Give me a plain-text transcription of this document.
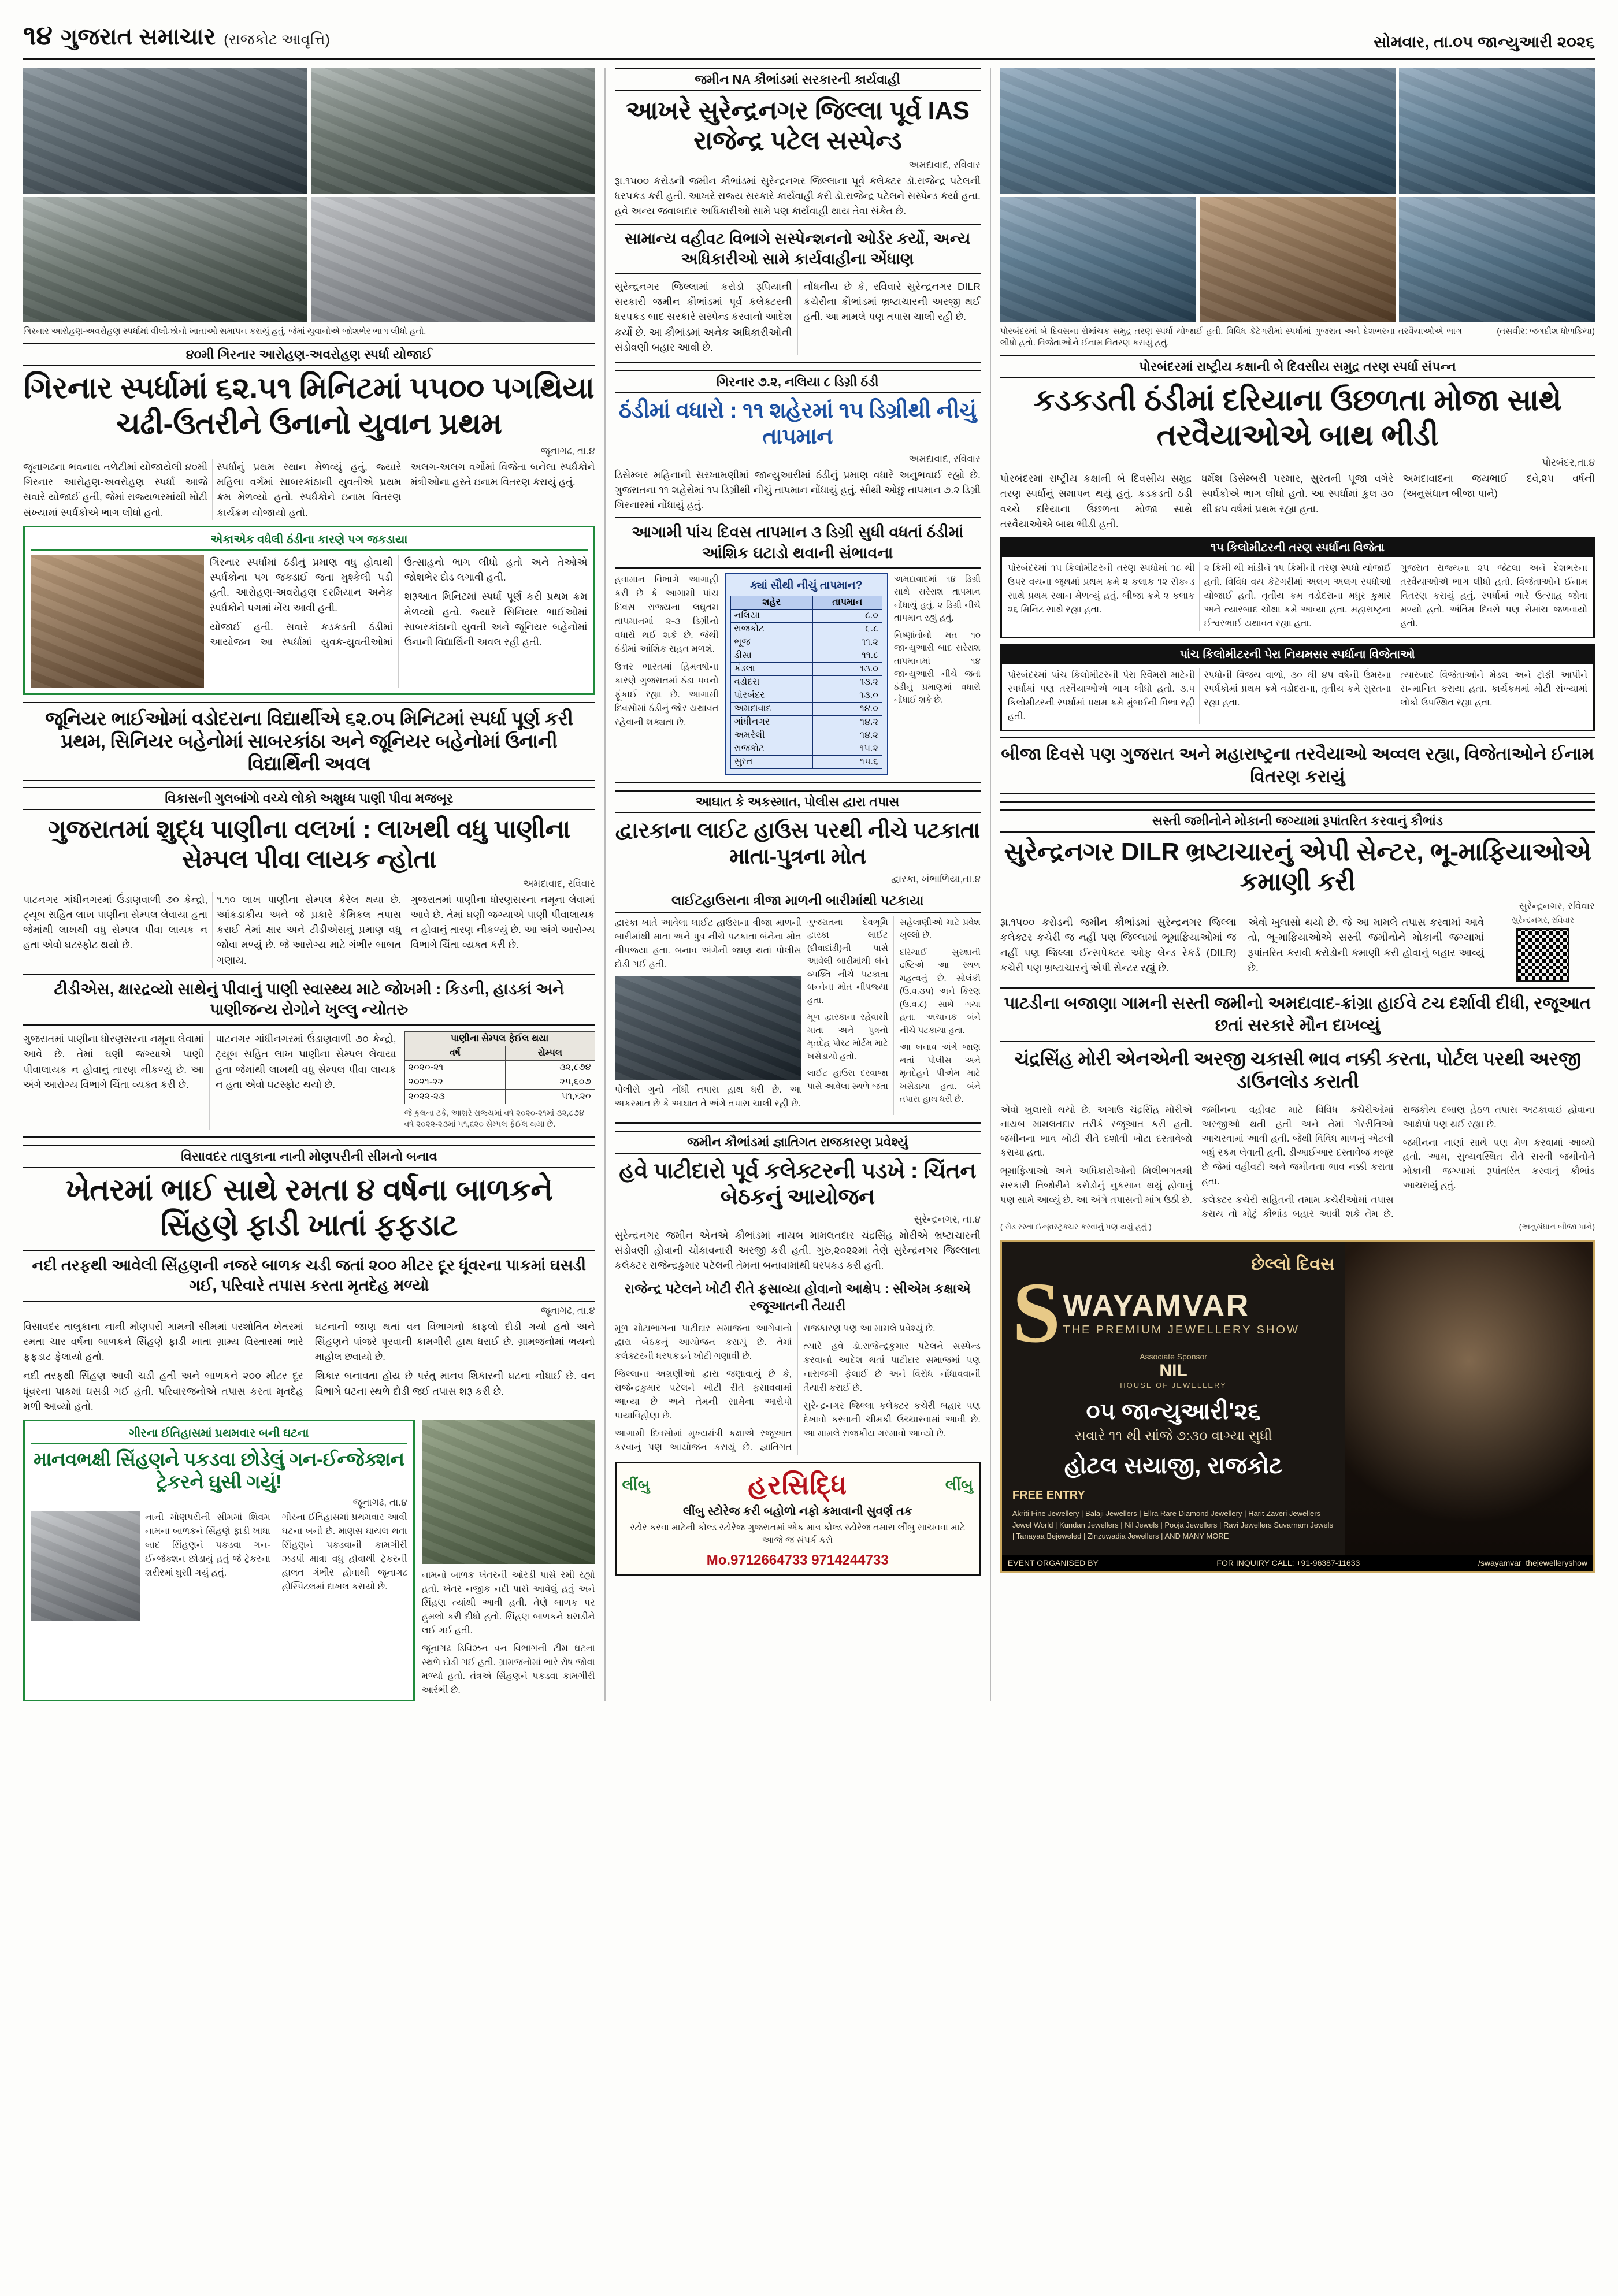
૧૪ ગુજરાત સમાચાર (રાજકોટ આવૃત્તિ)	સોમવાર, તા.૦૫ જાન્યુઆરી ૨૦૨૬
ગિરનાર આરોહણ-અવરોહણ સ્પર્ધામાં વીલીઝોનો ખાતાઓ સમાપન કરાયું હતું, જેમાં યુવાનોએ જોશભેર ભાગ લીધો હતો.
૪૦મી ગિરનાર આરોહણ-અવરોહણ સ્પર્ધા યોજાઈ
ગિરનાર સ્પર્ધામાં ૬૨.૫૧ મિનિટમાં ૫૫૦૦ પગથિયા ચઢી-ઉતરીને ઉનાનો યુવાન પ્રથમ
જૂનાગઢ, તા.૪

જૂનાગઢના ભવનાથ તળેટીમાં યોજાયેલી ૪૦મી ગિરનાર આરોહણ-અવરોહણ સ્પર્ધા આજે સવારે યોજાઈ હતી, જેમાં રાજ્યભરમાંથી મોટી સંખ્યામાં સ્પર્ધકોએ ભાગ લીધો હતો.

સ્પર્ધાનું પ્રથમ સ્થાન મેળવ્યું હતું, જ્યારે મહિલા વર્ગમાં સાબરકાંઠાની યુવતીએ પ્રથમ ક્રમ મેળવ્યો હતો. સ્પર્ધકોને ઇનામ વિતરણ કાર્યક્રમ યોજાયો હતો.

અલગ-અલગ વર્ગોમાં વિજેતા બનેલા સ્પર્ધકોને મંત્રીઓના હસ્તે ઇનામ વિતરણ કરાયું હતું.

એકાએક વધેલી ઠંડીના કારણે પગ જકડાયા

ગિરનાર સ્પર્ધામાં ઠંડીનું પ્રમાણ વધુ હોવાથી સ્પર્ધકોના પગ જકડાઈ જતા મુશ્કેલી પડી હતી. આરોહણ-અવરોહણ દરમિયાન અનેક સ્પર્ધકોને પગમાં ખેંચ આવી હતી.

યોજાઈ હતી. સવારે કડકડતી ઠંડીમાં આયોજન આ સ્પર્ધામાં યુવક-યુવતીઓમાં ઉત્સાહનો ભાગ લીધો હતો અને તેઓએ જોશભેર દોડ લગાવી હતી.

શરૂઆત મિનિટમાં સ્પર્ધા પૂર્ણ કરી પ્રથમ ક્રમ મેળવ્યો હતો. જ્યારે સિનિયર ભાઈઓમાં સાબરકાંઠાની યુવતી અને જૂનિયર બહેનોમાં ઉનાની વિદ્યાર્થિની અવલ રહી હતી.

જૂનિયર ભાઈઓમાં વડોદરાના વિદ્યાર્થીએ ૬૨.૦૫ મિનિટમાં સ્પર્ધા પૂર્ણ કરી પ્રથમ, સિનિયર બહેનોમાં સાબરકાંઠા અને જૂનિયર બહેનોમાં ઉનાની વિદ્યાર્થિની અવલ
વિકાસની ગુલબાંગો વચ્ચે લોકો અશુધ્ધ પાણી પીવા મજબૂર
ગુજરાતમાં શુદ્ધ પાણીના વલખાં : લાખથી વધુ પાણીના સેમ્પલ પીવા લાયક ન્હોતા
અમદાવાદ, રવિવાર

પાટનગર ગાંધીનગરમાં ઉંડાણવાળી ૭૦ કેન્દ્રો, ટ્યૂબ સહિત લાખ પાણીના સેમ્પલ લેવાયા હતા જેમાંથી લાખથી વધુ સેમ્પલ પીવા લાયક ન હતા એવો ઘટસ્ફોટ થયો છે.

૧.૧૦ લાખ પાણીના સેમ્પલ કેરેલ થયા છે. આંકડાકીય અને જે પ્રકારે કેમિકલ તપાસ કરાઈ તેમાં ક્ષાર અને ટીડીએસનું પ્રમાણ વધુ જોવા મળ્યું છે. જે આરોગ્ય માટે ગંભીર બાબત ગણાય.

ગુજરાતમાં પાણીના ધોરણસરના નમૂના લેવામાં આવે છે. તેમાં ઘણી જગ્યાએ પાણી પીવાલાયક ન હોવાનું તારણ નીકળ્યું છે. આ અંગે આરોગ્ય વિભાગે ચિંતા વ્યક્ત કરી છે.

ટીડીએસ, ક્ષારદ્રવ્યો સાથેનું પીવાનું પાણી સ્વાસ્થ્ય માટે જોખમી : કિડની, હાડકાં અને પાણીજન્ય રોગોને ખુલ્લુ ન્યોતરુ

ગુજરાતમાં પાણીના ધોરણસરના નમૂના લેવામાં આવે છે. તેમાં ઘણી જગ્યાએ પાણી પીવાલાયક ન હોવાનું તારણ નીકળ્યું છે. આ અંગે આરોગ્ય વિભાગે ચિંતા વ્યક્ત કરી છે.

પાટનગર ગાંધીનગરમાં ઉંડાણવાળી ૭૦ કેન્દ્રો, ટ્યૂબ સહિત લાખ પાણીના સેમ્પલ લેવાયા હતા જેમાંથી લાખથી વધુ સેમ્પલ પીવા લાયક ન હતા એવો ઘટસ્ફોટ થયો છે.

પાણીના સેમ્પલ ફેઈલ થયા	
વર્ષ	સેમ્પલ
૨૦૨૦-૨૧	૩૨,૮૭૪
૨૦૨૧-૨૨	૨૫,૬૦૭
૨૦૨૨-૨૩	૫૧,૬૨૦
જે કુલના ટકે, આશરે રાજ્યમાં વર્ષ ૨૦૨૦-૨૧માં ૩૨,૮૭૪ વર્ષ ૨૦૨૨-૨૩માં ૫૧,૬૨૦ સેમ્પલ ફેઈલ થયા છે.
વિસાવદર તાલુકાના નાની મોણપરીની સીમનો બનાવ
ખેતરમાં ભાઈ સાથે રમતા ૪ વર્ષના બાળકને સિંહણે ફાડી ખાતાં ફફડાટ
નદી તરફથી આવેલી સિંહણની નજરે બાળક ચડી જતાં ૨૦૦ મીટર દૂર ધૂંવરના પાકમાં ઘસડી ગઈ, પરિવારે તપાસ કરતા મૃતદેહ મળ્યો
જૂનાગઢ, તા.૪

વિસાવદર તાલુકાના નાની મોણપરી ગામની સીમમાં પરશોતિત ખેતરમાં રમતા ચાર વર્ષના બાળકને સિંહણે ફાડી ખાતા ગ્રામ્ય વિસ્તારમાં ભારે ફફડાટ ફેલાયો હતો.

નદી તરફથી સિંહણ આવી ચડી હતી અને બાળકને ૨૦૦ મીટર દૂર ધૂંવરના પાકમાં ઘસડી ગઈ હતી. પરિવારજનોએ તપાસ કરતા મૃતદેહ મળી આવ્યો હતો.

ઘટનાની જાણ થતાં વન વિભાગનો કાફલો દોડી ગયો હતો અને સિંહણને પાંજરે પૂરવાની કામગીરી હાથ ધરાઈ છે. ગ્રામજનોમાં ભયનો માહોલ છવાયો છે.

શિકાર બનાવતા હોય છે પરંતુ માનવ શિકારની ઘટના નોંધાઈ છે. વન વિભાગે ઘટના સ્થળે દોડી જઈ તપાસ શરૂ કરી છે.

ગીરના ઈતિહાસમાં પ્રથમવાર બની ઘટના
માનવભક્ષી સિંહણને પકડવા છોડેલું ગન-ઈન્જેક્શન ટ્રેકરને ઘુસી ગયું!
જૂનાગઢ, તા.૪

નાની મોણપરીની સીમમાં શિવમ નામના બાળકને સિંહણે ફાડી ખાધા બાદ સિંહણને પકડવા ગન-ઈન્જેક્શન છોડાયું હતું જે ટ્રેકરના શરીરમાં ઘુસી ગયું હતું.

ગીરના ઈતિહાસમાં પ્રથમવાર આવી ઘટના બની છે. માણસ ઘાયલ થતા સિંહણને પકડવાની કામગીરી ઝડપી માત્રા વધુ હોવાથી ટ્રેકરની હાલત ગંભીર હોવાથી જૂનાગઢ હોસ્પિટલમાં દાખલ કરાયો છે.

નામનો બાળક ખેતરની ઓરડી પાસે રમી રહ્યો હતો. ખેતર નજીક નદી પાસે આવેલું હતું અને સિંહણ ત્યાંથી આવી હતી. તેણે બાળક પર હુમલો કરી દીધો હતો. સિંહણ બાળકને ઘસડીને લઈ ગઈ હતી.

જૂનાગઢ ડિવિઝન વન વિભાગની ટીમ ઘટના સ્થળે દોડી ગઈ હતી. ગ્રામજનોમાં ભારે રોષ જોવા મળ્યો હતો. તંત્રએ સિંહણને પકડવા કામગીરી આરંભી છે.

જમીન NA કૌભાંડમાં સરકારની કાર્યવાહી
આખરે સુરેન્દ્રનગર જિલ્લા પૂર્વ IAS રાજેન્દ્ર પટેલ સસ્પેન્ડ
અમદાવાદ, રવિવાર

રૂા.૧૫૦૦ કરોડની જમીન કૌભાંડમાં સુરેન્દ્રનગર જિલ્લાના પૂર્વ કલેક્ટર ડૉ.રાજેન્દ્ર પટેલની ધરપકડ કરી હતી. આખરે રાજ્ય સરકારે કાર્યવાહી કરી ડૉ.રાજેન્દ્ર પટેલને સસ્પેન્ડ કર્યા હતા. હવે અન્ય જવાબદાર અધિકારીઓ સામે પણ કાર્યવાહી થાય તેવા સંકેત છે.

સામાન્ય વહીવટ વિભાગે સસ્પેન્શનનો ઓર્ડર કર્યો, અન્ય અધિકારીઓ સામે કાર્યવાહીના એંધાણ

સુરેન્દ્રનગર જિલ્લામાં કરોડો રૂપિયાની સરકારી જમીન કૌભાંડમાં પૂર્વ કલેક્ટરની ધરપકડ બાદ સરકારે સસ્પેન્ડ કરવાનો આદેશ કર્યો છે. આ કૌભાંડમાં અનેક અધિકારીઓની સંડોવણી બહાર આવી છે.

નોંધનીય છે કે, રવિવારે સુરેન્દ્રનગર DILR કચેરીના કૌભાંડમાં ભ્રષ્ટાચારની અરજી થઈ હતી. આ મામલે પણ તપાસ ચાલી રહી છે.

ગિરનાર ૭.૨, નલિયા ૮ ડિગ્રી ઠંડી
ઠંડીમાં વધારો : ૧૧ શહેરમાં ૧૫ ડિગ્રીથી નીચું તાપમાન
અમદાવાદ, રવિવાર

ડિસેમ્બર મહિનાની સરખામણીમાં જાન્યુઆરીમાં ઠંડીનું પ્રમાણ વધારે અનુભવાઈ રહ્યો છે. ગુજરાતના ૧૧ શહેરોમાં ૧૫ ડિગ્રીથી નીચું તાપમાન નોંધાયું હતું. સૌથી ઓછુ તાપમાન ૭.૨ ડિગ્રી ગિરનારમાં નોંધાયું હતું.

આગામી પાંચ દિવસ તાપમાન ૩ ડિગ્રી સુધી વધતાં ઠંડીમાં આંશિક ઘટાડો થવાની સંભાવના

હવામાન વિભાગે આગાહી કરી છે કે આગામી પાંચ દિવસ રાજ્યના લઘુતમ તાપમાનમાં ૨-૩ ડિગ્રીનો વધારો થઈ શકે છે. જેથી ઠંડીમાં આંશિક રાહત મળશે.

ઉત્તર ભારતમાં હિમવર્ષાના કારણે ગુજરાતમાં ઠંડા પવનો ફૂંકાઈ રહ્યા છે. આગામી દિવસોમાં ઠંડીનું જોર યથાવત રહેવાની શક્યતા છે.

ક્યાં સૌથી નીચું તાપમાન?
શહેર	તાપમાન
નલિયા	૮.૦
રાજકોટ	૯.૮
ભૂજ	૧૧.૨
ડીસા	૧૧.૮
કંડલા	૧૩.૦
વડોદરા	૧૩.૨
પોરબંદર	૧૩.૦
અમદાવાદ	૧૪.૦
ગાંધીનગર	૧૪.૨
અમરેલી	૧૪.૨
રાજકોટ	૧૫.૨
સુરત	૧૫.૬

અમદાવાદમાં ૧૪ ડિગ્રી સાથે સરેરાશ તાપમાન નોંધાયું હતું. ૨ ડિગ્રી નીચે તાપમાન રહ્યું હતું.

નિષ્ણાંતોનો મત ૧૦ જાન્યુઆરી બાદ સરેરાશ તાપમાનમાં ૧૪ જાન્યુઆરી નીચે જતાં ઠંડીનું પ્રમાણમાં વધારો નોંધાઈ શકે છે.

આઘાત કે અકસ્માત, પોલીસ દ્વારા તપાસ
દ્વારકાના લાઈટ હાઉસ પરથી નીચે પટકાતા માતા-પુત્રના મોત
દ્વારકા, ખંભાળિયા,તા.૪
લાઈટહાઉસના ત્રીજા માળની બારીમાંથી પટકાયા

દ્વારકા ખાતે આવેલા લાઈટ હાઉસના ત્રીજા માળની બારીમાંથી માતા અને પુત્ર નીચે પટકાતા બંનેના મોત નીપજ્યા હતા. બનાવ અંગેની જાણ થતાં પોલીસ દોડી ગઈ હતી.

પોલીસે ગુનો નોંધી તપાસ હાથ ધરી છે. આ અકસ્માત છે કે આઘાત તે અંગે તપાસ ચાલી રહી છે.

ગુજરાતના દેવભૂમિ દ્વારકા લાઈટ (દીવાદાંડી)ની પાસે આવેલી બારીમાંથી બંને વ્યક્તિ નીચે પટકાતા બન્નેના મોત નીપજ્યા હતા.

મૂળ દ્વારકાના રહેવાસી માતા અને પુત્રનો મૃતદેહ પોસ્ટ મોર્ટમ માટે ખસેડાયો હતો.

લાઈટ હાઉસ દરવાજા પાસે આવેલા સ્થળે જતા સહેલાણીઓ માટે પ્રવેશ ખુલ્લો છે.

દરિયાઈ સુરક્ષાની દ્રષ્ટિએ આ સ્થળ મહત્વનું છે. સોલંકી (ઉ.વ.૩૫) અને કિરણ (ઉ.વ.૮) સાથે ગયા હતા. અચાનક બંને નીચે પટકાયા હતા.

આ બનાવ અંગે જાણ થતાં પોલીસ અને મૃતદેહને પીએમ માટે ખસેડાયા હતા. બંને તપાસ હાથ ધરી છે.

જમીન કૌભાંડમાં જ્ઞાતિગત રાજકારણ પ્રવેશ્યું
હવે પાટીદારો પૂર્વ કલેક્ટરની પડખે : ચિંતન બેઠકનું આયોજન
સુરેન્દ્રનગર, તા.૪

સુરેન્દ્રનગર જમીન એનએ કૌભાંડમાં નાયબ મામલતદાર ચંદ્રસિંહ મોરીએ ભ્રષ્ટાચારની સંડોવણી હોવાની ચોંકાવનારી અરજી કરી હતી. ગુરુ,૨૦૨૨માં તેણે સુરેન્દ્રનગર જિલ્લાના કલેક્ટર રાજેન્દ્રકુમાર પટેલની તેમના બનાવામાંથી ધરપકડ કરી હતી.

રાજેન્દ્ર પટેલને ખોટી રીતે ફસાવ્યા હોવાનો આક્ષેપ : સીએમ કક્ષાએ રજૂઆતની તૈયારી

મૂળ મોટાભાગના પાટીદાર સમાજના આગેવાનો દ્વારા બેઠકનું આયોજન કરાયું છે. તેમાં કલેક્ટરની ધરપકડને ખોટી ગણાવી છે.

જિલ્લાના અગ્રણીઓ દ્વારા જણાવાયું છે કે, રાજેન્દ્રકુમાર પટેલને ખોટી રીતે ફસાવવામાં આવ્યા છે અને તેમની સામેના આરોપો પાયાવિહોણા છે.

આગામી દિવસોમાં મુખ્યમંત્રી કક્ષાએ રજૂઆત કરવાનું પણ આયોજન કરાયું છે. જ્ઞાતિગત રાજકારણ પણ આ મામલે પ્રવેશ્યું છે.

ત્યારે હવે ડૉ.રાજેન્દ્રકુમાર પટેલને સસ્પેન્ડ કરવાનો આદેશ થતાં પાટીદાર સમાજમાં પણ નારાજગી ફેલાઈ છે અને વિરોધ નોંધાવવાની તૈયારી કરાઈ છે.

સુરેન્દ્રનગર જિલ્લા કલેક્ટર કચેરી બહાર પણ દેખાવો કરવાની ચીમકી ઉચ્ચારવામાં આવી છે. આ મામલે રાજકીય ગરમાવો આવ્યો છે.

લીંબુ	હરસિદ્ધિ	લીંબુ
લીંબુ સ્ટોરેજ કરી બહોળો નફો કમાવાની સુવર્ણ તક
સ્ટોર કરવા માટેની કોલ્ડ સ્ટોરેજ ગુજરાતમાં એક માત્ર કોલ્ડ સ્ટોરેજ તમારા લીંબુ સાચવવા માટે આજે જ સંપર્ક કરો
Mo.9712664733 9714244733
પોરબંદરમાં બે દિવસના રોમાંચક સમુદ્ર તરણ સ્પર્ધા યોજાઈ હતી. વિવિધ કેટેગરીમાં સ્પર્ધામાં ગુજરાત અને દેશભરના તરવૈયાઓએ ભાગ લીધો હતો. વિજેતાઓને ઈનામ વિતરણ કરાયું હતું.
(તસવીર: જગદીશ ધોળકિયા)
પોરબંદરમાં રાષ્ટ્રીય કક્ષાની બે દિવસીય સમુદ્ર તરણ સ્પર્ધા સંપન્ન
કડકડતી ઠંડીમાં દરિયાના ઉછળતા મોજા સાથે તરવૈયાઓએ બાથ ભીડી
પોરબંદર,તા.૪

પોરબંદરમાં રાષ્ટ્રીય કક્ષાની બે દિવસીય સમુદ્ર તરણ સ્પર્ધાનું સમાપન થયું હતું. કડકડતી ઠંડી વચ્ચે દરિયાના ઉછળતા મોજા સાથે તરવૈયાઓએ બાથ ભીડી હતી.

ધર્મેશ ડિસેમ્બરી પરમાર, સુરતની પૂજા વગેરે સ્પર્ધકોએ ભાગ લીધો હતો. આ સ્પર્ધામાં કુલ ૩૦ થી ૪૫ વર્ષમાં પ્રથમ રહ્યા હતા.

અમદાવાદના જયભાઈ દવે,૨૫ વર્ષની (અનુસંધાન બીજા પાને)

૧૫ કિલોમીટરની તરણ સ્પર્ધાના વિજેતા

પોરબંદરમાં ૧૫ કિલોમીટરની તરણ સ્પર્ધામાં ૧૮ થી ઉપર વયના જૂથમાં પ્રથમ ક્રમે ૨ કલાક ૧૨ સેકન્ડ સાથે પ્રથમ સ્થાન મેળવ્યું હતું. બીજા ક્રમે ૨ કલાક ૨૬ મિનિટ સાથે રહ્યા હતા.

૨ કિમી થી માંડીને ૧૫ કિમીની તરણ સ્પર્ધા યોજાઈ હતી. વિવિધ વય કેટેગરીમાં અલગ અલગ સ્પર્ધાઓ યોજાઈ હતી. તૃતીય ક્રમ વડોદરાના મધુર કુમાર અને ત્યારબાદ ચોથા ક્રમે આવ્યા હતા. મહારાષ્ટ્રના ઈશ્વરભાઈ યથાવત રહ્યા હતા.

ગુજરાત રાજ્યના ૨૫ જેટલા અને દેશભરના તરવૈયાઓએ ભાગ લીધો હતો. વિજેતાઓને ઈનામ વિતરણ કરાયું હતું. સ્પર્ધામાં ભારે ઉત્સાહ જોવા મળ્યો હતો. અંતિમ દિવસે પણ રોમાંચ જળવાયો હતો.

પાંચ કિલોમીટરની પેરા નિયમસર સ્પર્ધાના વિજેતાઓ

પોરબંદરમાં પાંચ કિલોમીટરની પેરા સ્વિમર્સ માટેની સ્પર્ધામાં પણ તરવૈયાઓએ ભાગ લીધો હતો. ૩.૫ કિલોમીટરની સ્પર્ધામાં પ્રથમ ક્રમે મુંબઈની વિભા રહી હતી.

સ્પર્ધાની વિજય વાળો, ૩૦ થી ૪૫ વર્ષની ઉંમરના સ્પર્ધકોમાં પ્રથમ ક્રમે વડોદરાના, તૃતીય ક્રમે સુરતના રહ્યા હતા.

ત્યારબાદ વિજેતાઓને મેડલ અને ટ્રોફી આપીને સન્માનિત કરાયા હતા. કાર્યક્રમમાં મોટી સંખ્યામાં લોકો ઉપસ્થિત રહ્યા હતા.

બીજા દિવસે પણ ગુજરાત અને મહારાષ્ટ્રના તરવૈયાઓ અવ્વલ રહ્યા, વિજેતાઓને ઈનામ વિતરણ કરાયું
સસ્તી જમીનોને મોકાની જગ્યામાં રૂપાંતરિત કરવાનું કૌભાંડ
સુરેન્દ્રનગર DILR ભ્રષ્ટાચારનું એપી સેન્ટર, ભૂ-માફિયાઓએ કમાણી કરી
સુરેન્દ્રનગર, રવિવાર

રૂા.૧૫૦૦ કરોડની જમીન કૌભાંડમાં સુરેન્દ્રનગર જિલ્લા કલેક્ટર કચેરી જ નહીં પણ જિલ્લામાં ભૂમાફિયાઓમાં જ નહીં પણ જિલ્લા ઈન્સપેક્ટર ઓફ લેન્ડ રેકર્ડ (DILR) કચેરી પણ ભ્રષ્ટાચારનું એપી સેન્ટર રહ્યું છે.

એવો ખુલાસો થયો છે. જે આ મામલે તપાસ કરવામાં આવે તો, ભૂ-માફિયાઓએ સસ્તી જમીનોને મોકાની જગ્યામાં રૂપાંતરિત કરાવી કરોડોની કમાણી કરી હોવાનું બહાર આવ્યું છે.

સુરેન્દ્રનગર, રવિવાર
પાટડીના બજાણા ગામની સસ્તી જમીનો અમદાવાદ-ક્રાંગ્રા હાઈવે ટચ દર્શાવી દીધી, રજૂઆત છતાં સરકારે મૌન દાખવ્યું
ચંદ્રસિંહ મોરી એનએની અરજી ચકાસી ભાવ નક્કી કરતા, પોર્ટલ પરથી અરજી ડાઉનલોડ કરાતી

એવો ખુલાસો થયો છે. અગાઉ ચંદ્રસિંહ મોરીએ નાયબ મામલતદાર તરીકે રજૂઆત કરી હતી. જમીનના ભાવ ખોટી રીતે દર્શાવી ખોટા દસ્તાવેજો કરાયા હતા.

ભૂમાફિયાઓ અને અધિકારીઓની મિલીભગતથી સરકારી તિજોરીને કરોડોનું નુકસાન થયું હોવાનું પણ સામે આવ્યું છે. આ અંગે તપાસની માંગ ઉઠી છે.

જમીનના વહીવટ માટે વિવિધ કચેરીઓમાં અરજીઓ થતી હતી અને તેમાં ગેરરીતિઓ આચરવામાં આવી હતી. જેથી વિવિધ માળખું એટલી બધું રકમ લેવાતી હતી. ડીઆઈઆર દસ્તાવેજ મજૂર છે જેમાં વહીવટી અને જમીનના ભાવ નક્કી કરાતા હતા.

કલેક્ટર કચેરી સહિતની તમામ કચેરીઓમાં તપાસ કરાય તો મોટું કૌભાંડ બહાર આવી શકે તેમ છે. રાજકીય દબાણ હેઠળ તપાસ અટકાવાઈ હોવાના આક્ષેપો પણ થઈ રહ્યા છે.

જમીનના નાણાં સાથે પણ મેળ કરવામાં આવ્યો હતો. આમ, સુવ્યવસ્થિત રીતે સસ્તી જમીનોને મોકાની જગ્યામાં રૂપાંતરિત કરવાનું કૌભાંડ આચરાયું હતું.

( રોડ રસ્તા ઈન્ફ્રાસ્ટ્રક્ચર કરવાનું પણ થયું હતું )	(અનુસંધાન બીજા પાને)
છેલ્લો દિવસ
S WAYAMVAR
THE PREMIUM JEWELLERY SHOW
Associate Sponsor
NIL
HOUSE OF JEWELLERY
૦૫ જાન્યુઆરી'૨૬
સવારે ૧૧ થી સાંજે ૭:૩૦ વાગ્યા સુધી
હોટલ સયાજી, રાજકોટ
FREE ENTRY
Akriti Fine Jewellery | Balaji Jewellers | Ellra Rare Diamond Jewellery | Harit Zaveri Jewellers Jewel World | Kundan Jewellers | Nil Jewels | Pooja Jewellers | Ravi Jewellers Suvarnam Jewels | Tanayaa Bejeweled | Zinzuwadia Jewellers | AND MANY MORE
EVENT ORGANISED BY	FOR INQUIRY CALL: +91-96387-11633	/swayamvar_thejewelleryshow
